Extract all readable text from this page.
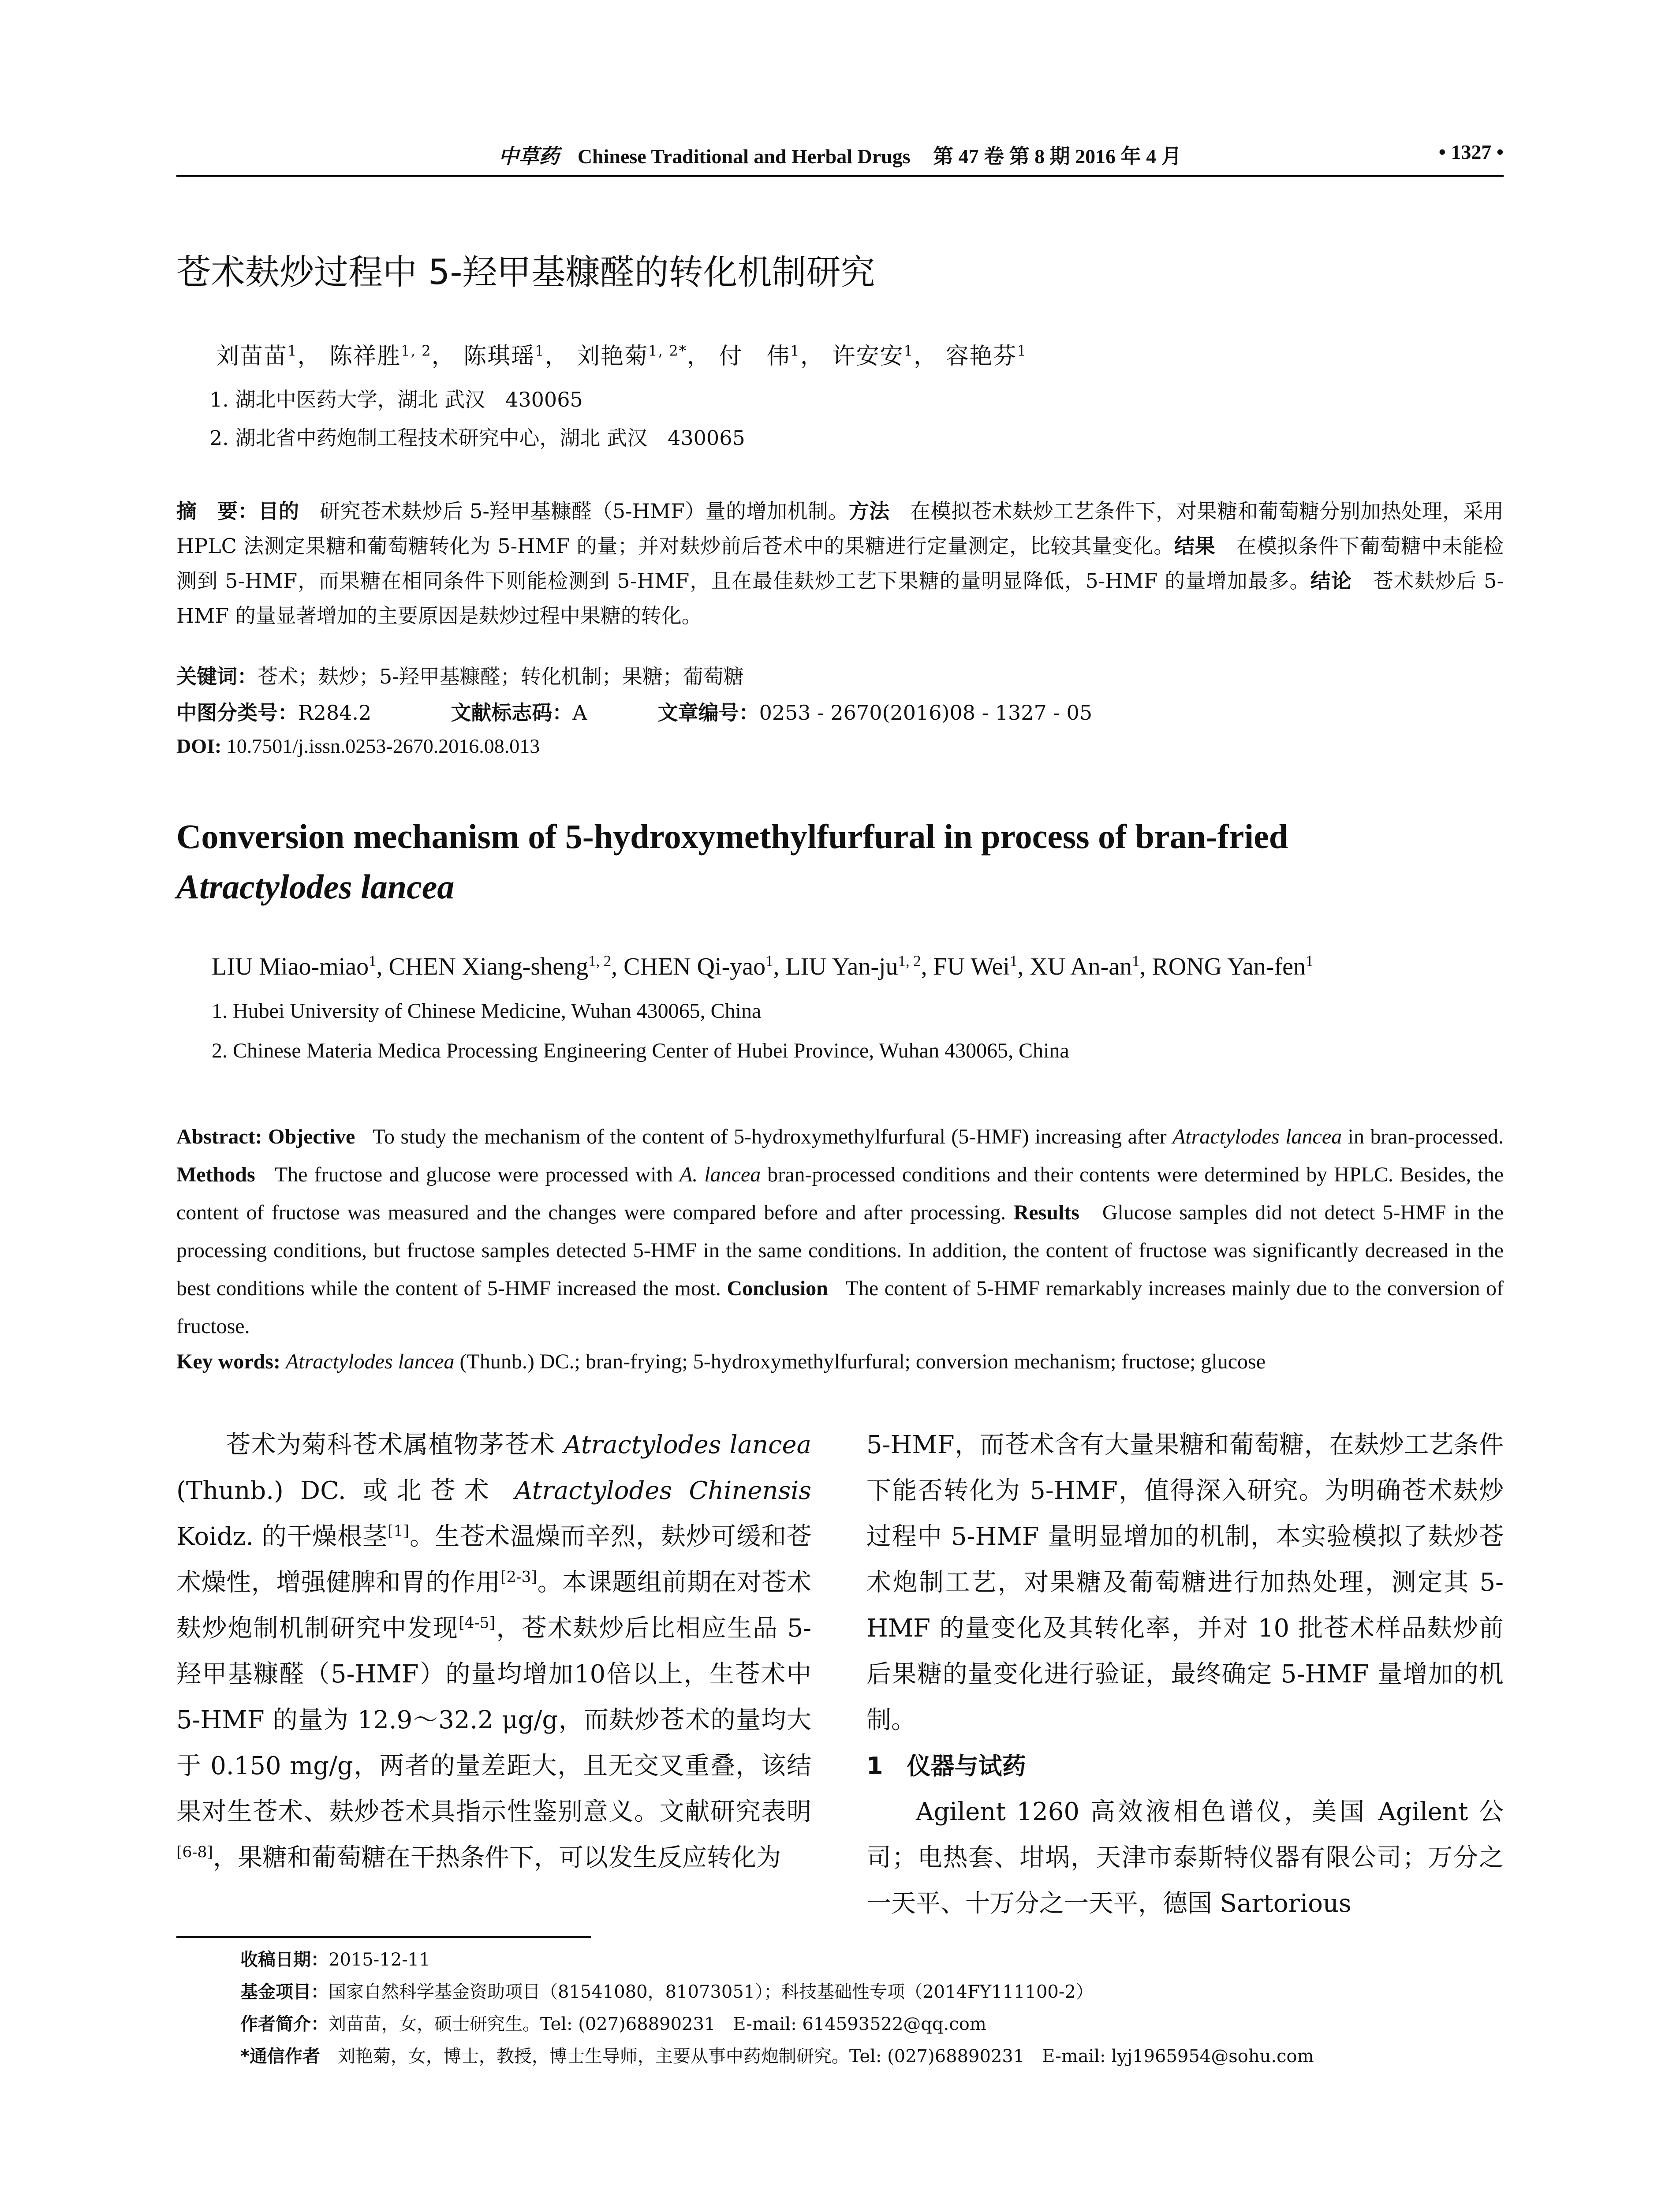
中草药 Chinese Traditional and Herbal Drugs 第 47 卷 第 8 期 2016 年 4 月	• 1327 •
苍术麸炒过程中 5-羟甲基糠醛的转化机制研究
刘苗苗$^1$， 陈祥胜$^{1, 2}$， 陈琪瑶$^1$， 刘艳菊$^{1, 2*}$， 付　伟$^1$， 许安安$^1$， 容艳芬$^1$
1. 湖北中医药大学，湖北 武汉　430065
2. 湖北省中药炮制工程技术研究中心，湖北 武汉　430065
摘　要：目的　 研究苍术麸炒后 5-羟甲基糠醛（5-HMF）量的增加机制。方法　 在模拟苍术麸炒工艺条件下，对果糖和葡萄糖分别加热处理，采用 HPLC 法测定果糖和葡萄糖转化为 5-HMF 的量；并对麸炒前后苍术中的果糖进行定量测定，比较其量变化。结果　 在模拟条件下葡萄糖中未能检测到 5-HMF，而果糖在相同条件下则能检测到 5-HMF，且在最佳麸炒工艺下果糖的量明显降低，5-HMF 的量增加最多。结论　 苍术麸炒后 5-HMF 的量显著增加的主要原因是麸炒过程中果糖的转化。
关键词：苍术；麸炒；5-羟甲基糠醛；转化机制；果糖；葡萄糖
中图分类号：R284.2	文献标志码：A	文章编号：0253 - 2670(2016)08 - 1327 - 05
DOI: 10.7501/j.issn.0253-2670.2016.08.013
Conversion mechanism of 5-hydroxymethylfurfural in process of bran-fried
Atractylodes lancea
LIU Miao-miao$^1$, CHEN Xiang-sheng$^{1, 2}$, CHEN Qi-yao$^1$, LIU Yan-ju$^{1, 2}$, FU Wei$^1$, XU $An-an^1$, RONG Yan-fen$^1$
1. Hubei University of Chinese Medicine, Wuhan 430065, China
2. Chinese Materia Medica Processing Engineering Center of Hubei Province, Wuhan 430065, China
Abstract: Objective To study the mechanism of the content of 5-hydroxymethylfurfural (5-HMF) increasing after Atractylodes lancea in bran-processed. Methods The fructose and glucose were processed with A. lancea bran-processed conditions and their contents were determined by HPLC. Besides, the content of fructose was measured and the changes were compared before and after processing. Results Glucose samples did not detect 5-HMF in the processing conditions, but fructose samples detected 5-HMF in the same conditions. In addition, the content of fructose was significantly decreased in the best conditions while the content of 5-HMF increased the most. Conclusion The content of 5-HMF remarkably increases mainly due to the conversion of fructose.
Key words: Atractylodes lancea (Thunb.) DC.; bran-frying; 5-hydroxymethylfurfural; conversion mechanism; fructose; glucose

苍术为菊科苍术属植物茅苍术 Atractylodes lancea (Thunb.) DC. 或北苍术 Atractylodes Chinensis Koidz. 的干燥根茎[1]。生苍术温燥而辛烈，麸炒可缓和苍术燥性，增强健脾和胃的作用[2-3]。本课题组前期在对苍术麸炒炮制机制研究中发现[4-5]，苍术麸炒后比相应生品 5-羟甲基糠醛（5-HMF）的量均增加10倍以上，生苍术中 5-HMF 的量为 12.9～32.2 μg/g，而麸炒苍术的量均大于 0.150 mg/g，两者的量差距大，且无交叉重叠，该结果对生苍术、麸炒苍术具指示性鉴别意义。文献研究表明[6-8]，果糖和葡萄糖在干热条件下，可以发生反应转化为

5-HMF，而苍术含有大量果糖和葡萄糖，在麸炒工艺条件下能否转化为 5-HMF，值得深入研究。为明确苍术麸炒过程中 5-HMF 量明显增加的机制，本实验模拟了麸炒苍术炮制工艺，对果糖及葡萄糖进行加热处理，测定其 5-HMF 的量变化及其转化率，并对 10 批苍术样品麸炒前后果糖的量变化进行验证，最终确定 5-HMF 量增加的机制。

1　 仪器与试药

Agilent 1260 高效液相色谱仪，美国 Agilent 公司；电热套、坩埚，天津市泰斯特仪器有限公司；万分之一天平、十万分之一天平，德国 Sartorious

收稿日期：2015-12-11
基金项目：国家自然科学基金资助项目（81541080，81073051）；科技基础性专项（2014FY111100-2）
作者简介：刘苗苗，女，硕士研究生。Tel: (027)68890231　E-mail: 614593522@qq.com
*通信作者　 刘艳菊，女，博士，教授，博士生导师，主要从事中药炮制研究。Tel: (027)68890231　E-mail: lyj1965954@sohu.com
